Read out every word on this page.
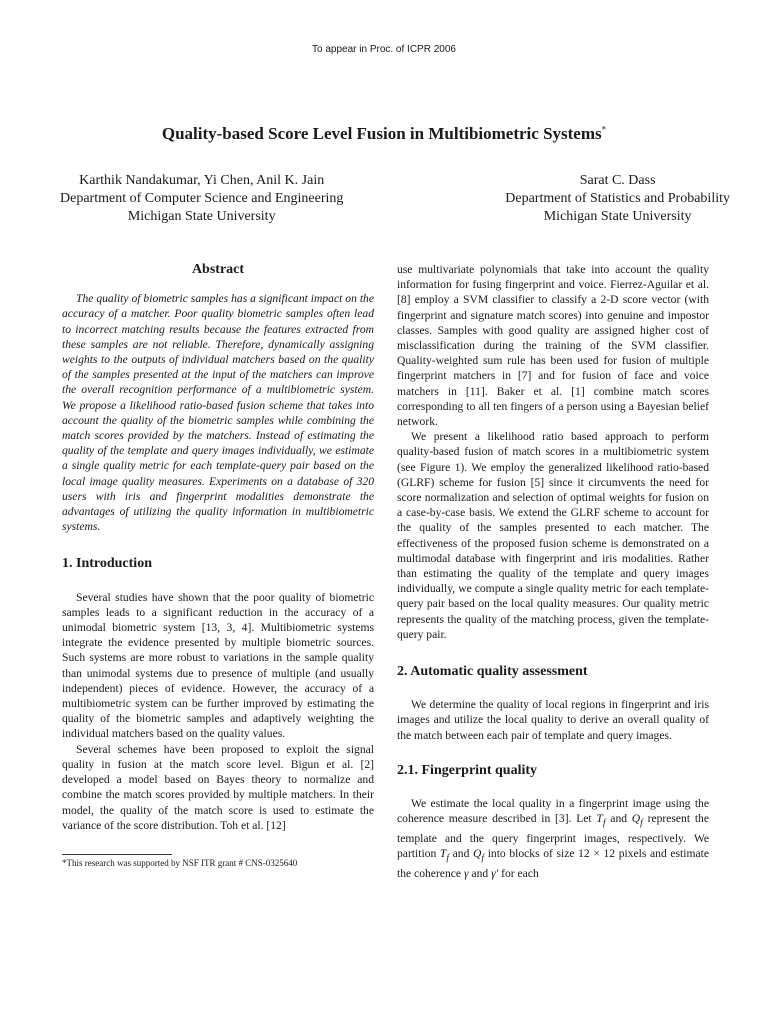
To appear in Proc. of ICPR 2006
Quality-based Score Level Fusion in Multibiometric Systems*
Karthik Nandakumar, Yi Chen, Anil K. Jain
Department of Computer Science and Engineering
Michigan State University
Sarat C. Dass
Department of Statistics and Probability
Michigan State University
Abstract

The quality of biometric samples has a significant impact on the accuracy of a matcher. Poor quality biometric samples often lead to incorrect matching results because the features extracted from these samples are not reliable. Therefore, dynamically assigning weights to the outputs of individual matchers based on the quality of the samples presented at the input of the matchers can improve the overall recognition performance of a multibiometric system. We propose a likelihood ratio-based fusion scheme that takes into account the quality of the biometric samples while combining the match scores provided by the matchers. Instead of estimating the quality of the template and query images individually, we estimate a single quality metric for each template-query pair based on the local image quality measures. Experiments on a database of 320 users with iris and fingerprint modalities demonstrate the advantages of utilizing the quality information in multibiometric systems.

1. Introduction

Several studies have shown that the poor quality of biometric samples leads to a significant reduction in the accuracy of a unimodal biometric system [13, 3, 4]. Multibiometric systems integrate the evidence presented by multiple biometric sources. Such systems are more robust to variations in the sample quality than unimodal systems due to presence of multiple (and usually independent) pieces of evidence. However, the accuracy of a multibiometric system can be further improved by estimating the quality of the biometric samples and adaptively weighting the individual matchers based on the quality values.

Several schemes have been proposed to exploit the signal quality in fusion at the match score level. Bigun et al. [2] developed a model based on Bayes theory to normalize and combine the match scores provided by multiple matchers. In their model, the quality of the match score is used to estimate the variance of the score distribution. Toh et al. [12]

*This research was supported by NSF ITR grant # CNS-0325640

use multivariate polynomials that take into account the quality information for fusing fingerprint and voice. Fierrez-Aguilar et al. [8] employ a SVM classifier to classify a 2-D score vector (with fingerprint and signature match scores) into genuine and impostor classes. Samples with good quality are assigned higher cost of misclassification during the training of the SVM classifier. Quality-weighted sum rule has been used for fusion of multiple fingerprint matchers in [7] and for fusion of face and voice matchers in [11]. Baker et al. [1] combine match scores corresponding to all ten fingers of a person using a Bayesian belief network.

We present a likelihood ratio based approach to perform quality-based fusion of match scores in a multibiometric system (see Figure 1). We employ the generalized likelihood ratio-based (GLRF) scheme for fusion [5] since it circumvents the need for score normalization and selection of optimal weights for fusion on a case-by-case basis. We extend the GLRF scheme to account for the quality of the samples presented to each matcher. The effectiveness of the proposed fusion scheme is demonstrated on a multimodal database with fingerprint and iris modalities. Rather than estimating the quality of the template and query images individually, we compute a single quality metric for each template-query pair based on the local quality measures. Our quality metric represents the quality of the matching process, given the template-query pair.

2. Automatic quality assessment

We determine the quality of local regions in fingerprint and iris images and utilize the local quality to derive an overall quality of the match between each pair of template and query images.

2.1. Fingerprint quality

We estimate the local quality in a fingerprint image using the coherence measure described in [3]. Let $T_f$ and $Q_f$ represent the template and the query fingerprint images, respectively. We partition $T_f$ and $Q_f$ into blocks of size 12 × 12 pixels and estimate the coherence γ and γ′ for each
